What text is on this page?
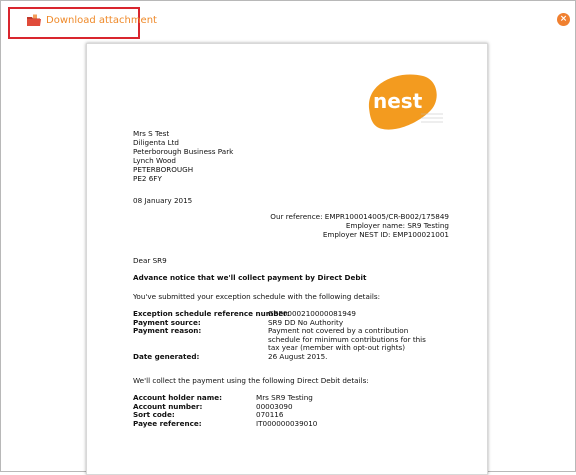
Download attachment	×
nest
Mrs S Test
Diligenta Ltd
Peterborough Business Park
Lynch Wood
PETERBOROUGH
PE2 6FY
08 January 2015
Our reference: EMPR100014005/CR-B002/175849
Employer name: SR9 Testing
Employer NEST ID: EMP100021001
Dear SR9
Advance notice that we'll collect payment by Direct Debit
You've submitted your exception schedule with the following details:
Exception schedule reference number:
GBP0000210000081949
Payment source:	SR9 DD No Authority
Payment reason:	Payment not covered by a contribution
schedule for minimum contributions for this
tax year (member with opt-out rights)
Date generated:	26 August 2015.
We'll collect the payment using the following Direct Debit details:
Account holder name:	Mrs SR9 Testing
Account number:	00003090
Sort code:	070116
Payee reference:	IT000000039010
